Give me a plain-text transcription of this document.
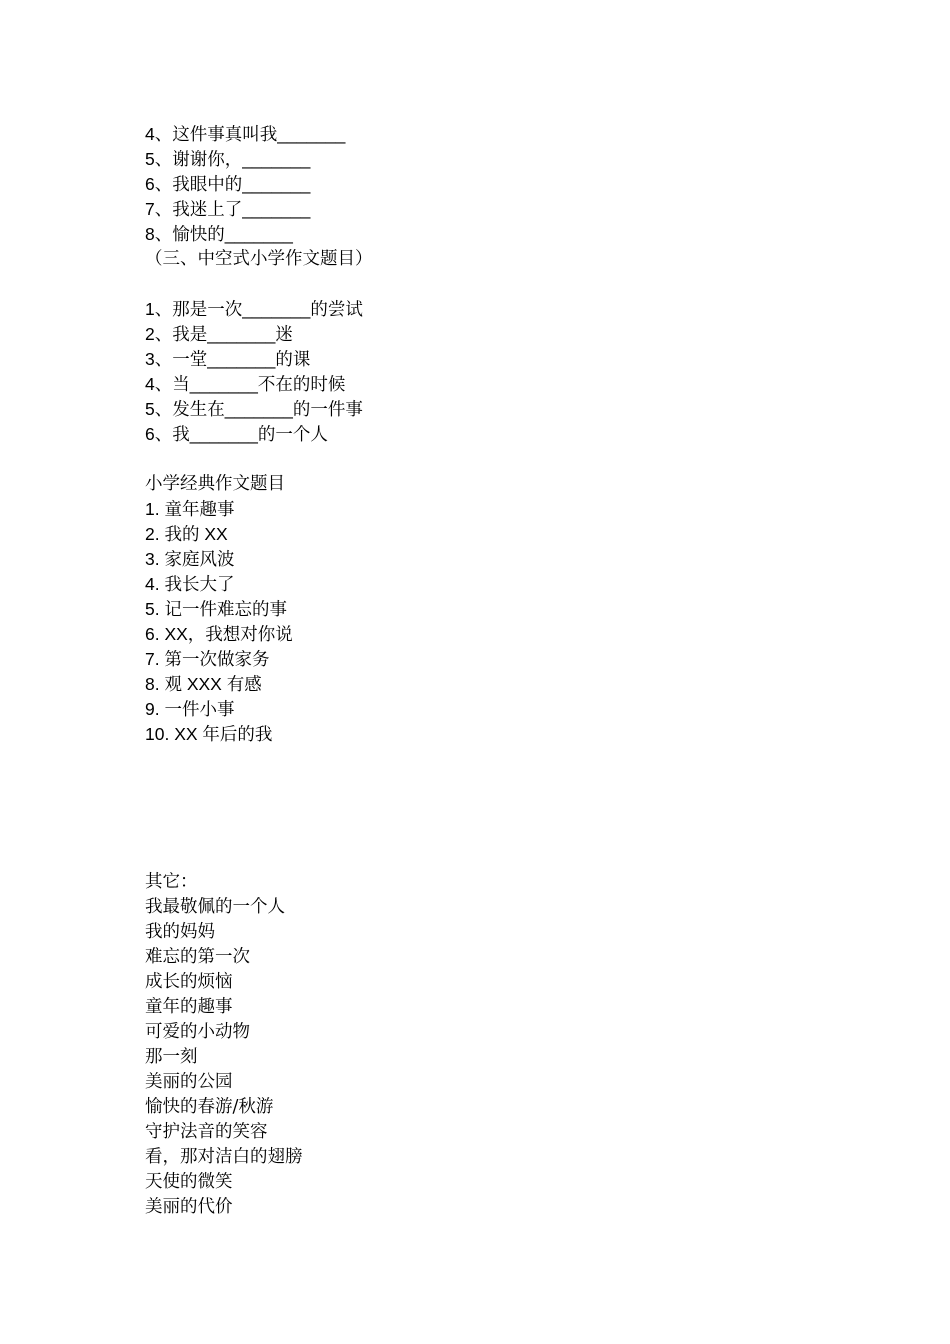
4、这件事真叫我_______
5、谢谢你，_______
6、我眼中的_______
7、我迷上了_______
8、愉快的_______
（三、中空式小学作文题目）
1、那是一次_______的尝试
2、我是_______迷
3、一堂_______的课
4、当_______不在的时候
5、发生在_______的一件事
6、我_______的一个人
小学经典作文题目
1. 童年趣事
2. 我的 XX
3. 家庭风波
4. 我长大了
5. 记一件难忘的事
6. XX，我想对你说
7. 第一次做家务
8. 观 XXX 有感
9. 一件小事
10. XX 年后的我
其它：
我最敬佩的一个人
我的妈妈
难忘的第一次
成长的烦恼
童年的趣事
可爱的小动物
那一刻
美丽的公园
愉快的春游/秋游
守护法音的笑容
看，那对洁白的翅膀
天使的微笑
美丽的代价
